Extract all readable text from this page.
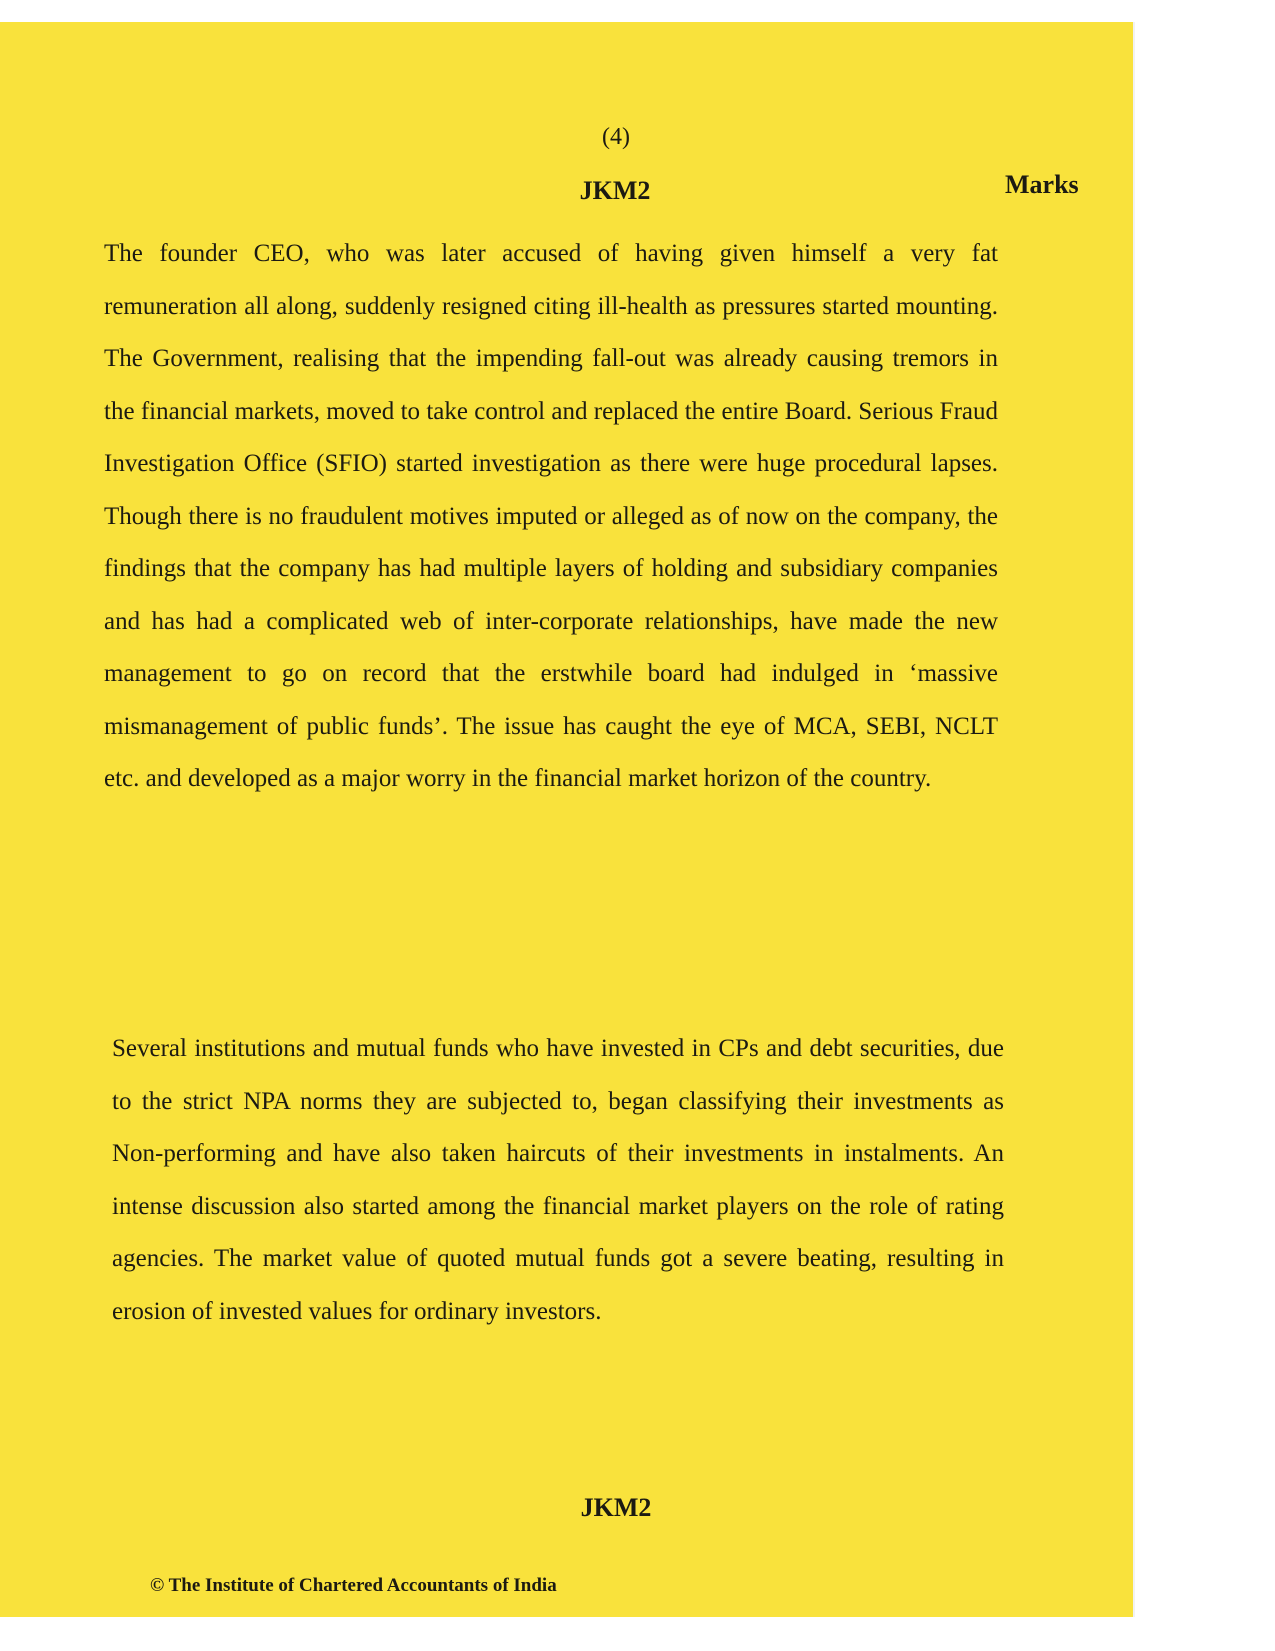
(4)
JKM2	Marks

The founder CEO, who was later accused of having given himself a very fat remuneration all along, suddenly resigned citing ill-health as pressures started mounting. The Government, realising that the impending fall-out was already causing tremors in the financial markets, moved to take control and replaced the entire Board. Serious Fraud Investigation Office (SFIO) started investigation as there were huge procedural lapses. Though there is no fraudulent motives imputed or alleged as of now on the company, the findings that the company has had multiple layers of holding and subsidiary companies and has had a complicated web of inter-corporate relationships, have made the new management to go on record that the erstwhile board had indulged in ‘massive mismanagement of public funds’. The issue has caught the eye of MCA, SEBI, NCLT etc. and developed as a major worry in the financial market horizon of the country.

Several institutions and mutual funds who have invested in CPs and debt securities, due to the strict NPA norms they are subjected to, began classifying their investments as Non-performing and have also taken haircuts of their investments in instalments. An intense discussion also started among the financial market players on the role of rating agencies. The market value of quoted mutual funds got a severe beating, resulting in erosion of invested values for ordinary investors.

JKM2
© The Institute of Chartered Accountants of India
